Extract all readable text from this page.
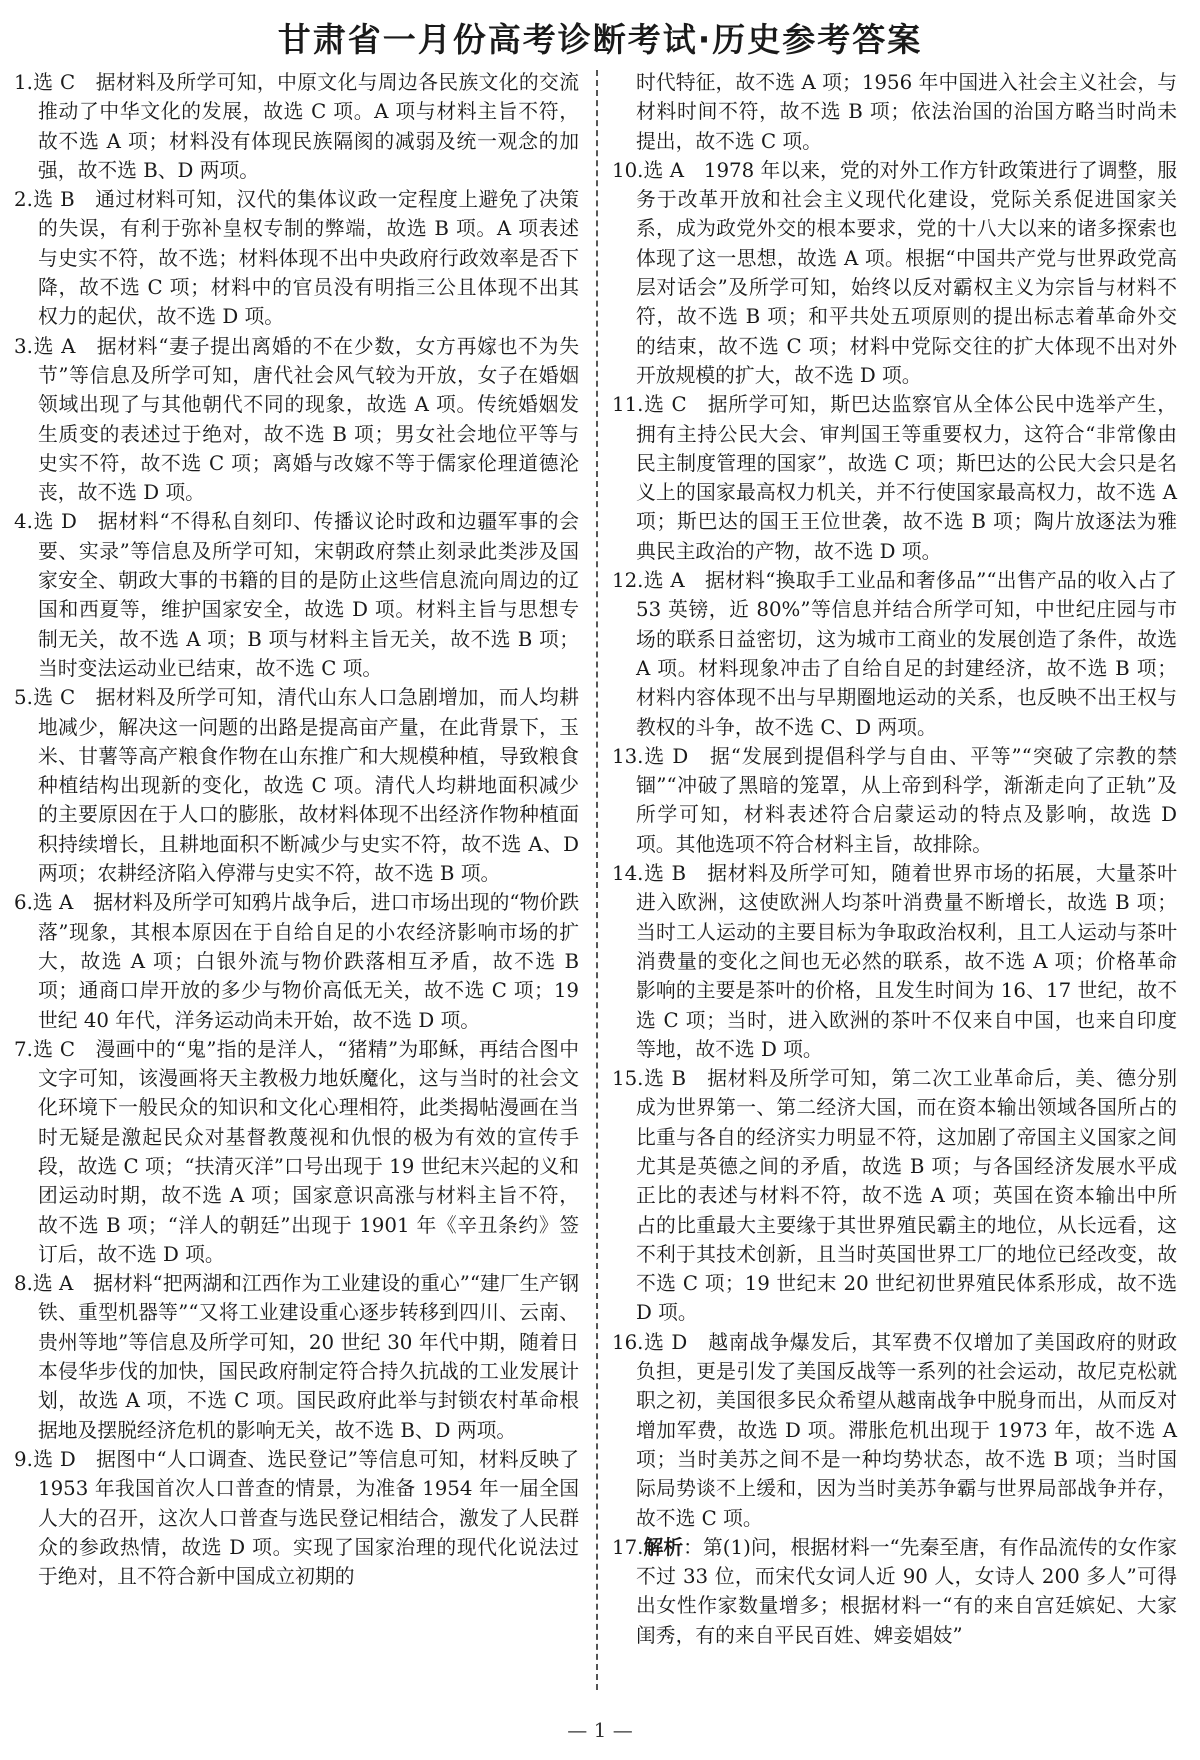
甘肃省一月份高考诊断考试·历史参考答案

1.选 C　据材料及所学可知，中原文化与周边各民族文化的交流推动了中华文化的发展，故选 C 项。A 项与材料主旨不符，故不选 A 项；材料没有体现民族隔阂的减弱及统一观念的加强，故不选 B、D 两项。

2.选 B　通过材料可知，汉代的集体议政一定程度上避免了决策的失误，有利于弥补皇权专制的弊端，故选 B 项。A 项表述与史实不符，故不选；材料体现不出中央政府行政效率是否下降，故不选 C 项；材料中的官员没有明指三公且体现不出其权力的起伏，故不选 D 项。

3.选 A　据材料“妻子提出离婚的不在少数，女方再嫁也不为失节”等信息及所学可知，唐代社会风气较为开放，女子在婚姻领域出现了与其他朝代不同的现象，故选 A 项。传统婚姻发生质变的表述过于绝对，故不选 B 项；男女社会地位平等与史实不符，故不选 C 项；离婚与改嫁不等于儒家伦理道德沦丧，故不选 D 项。

4.选 D　据材料“不得私自刻印、传播议论时政和边疆军事的会要、实录”等信息及所学可知，宋朝政府禁止刻录此类涉及国家安全、朝政大事的书籍的目的是防止这些信息流向周边的辽国和西夏等，维护国家安全，故选 D 项。材料主旨与思想专制无关，故不选 A 项；B 项与材料主旨无关，故不选 B 项；当时变法运动业已结束，故不选 C 项。

5.选 C　据材料及所学可知，清代山东人口急剧增加，而人均耕地减少，解决这一问题的出路是提高亩产量，在此背景下，玉米、甘薯等高产粮食作物在山东推广和大规模种植，导致粮食种植结构出现新的变化，故选 C 项。清代人均耕地面积减少的主要原因在于人口的膨胀，故材料体现不出经济作物种植面积持续增长，且耕地面积不断减少与史实不符，故不选 A、D 两项；农耕经济陷入停滞与史实不符，故不选 B 项。

6.选 A　据材料及所学可知鸦片战争后，进口市场出现的“物价跌落”现象，其根本原因在于自给自足的小农经济影响市场的扩大，故选 A 项；白银外流与物价跌落相互矛盾，故不选 B 项；通商口岸开放的多少与物价高低无关，故不选 C 项；19 世纪 40 年代，洋务运动尚未开始，故不选 D 项。

7.选 C　漫画中的“鬼”指的是洋人，“猪精”为耶稣，再结合图中文字可知，该漫画将天主教极力地妖魔化，这与当时的社会文化环境下一般民众的知识和文化心理相符，此类揭帖漫画在当时无疑是激起民众对基督教蔑视和仇恨的极为有效的宣传手段，故选 C 项；“扶清灭洋”口号出现于 19 世纪末兴起的义和团运动时期，故不选 A 项；国家意识高涨与材料主旨不符，故不选 B 项；“洋人的朝廷”出现于 1901 年《辛丑条约》签订后，故不选 D 项。

8.选 A　据材料“把两湖和江西作为工业建设的重心”“建厂生产钢铁、重型机器等”“又将工业建设重心逐步转移到四川、云南、贵州等地”等信息及所学可知，20 世纪 30 年代中期，随着日本侵华步伐的加快，国民政府制定符合持久抗战的工业发展计划，故选 A 项，不选 C 项。国民政府此举与封锁农村革命根据地及摆脱经济危机的影响无关，故不选 B、D 两项。

9.选 D　据图中“人口调查、选民登记”等信息可知，材料反映了 1953 年我国首次人口普查的情景，为准备 1954 年一届全国人大的召开，这次人口普查与选民登记相结合，激发了人民群众的参政热情，故选 D 项。实现了国家治理的现代化说法过于绝对，且不符合新中国成立初期的

时代特征，故不选 A 项；1956 年中国进入社会主义社会，与材料时间不符，故不选 B 项；依法治国的治国方略当时尚未提出，故不选 C 项。

10.选 A　1978 年以来，党的对外工作方针政策进行了调整，服务于改革开放和社会主义现代化建设，党际关系促进国家关系，成为政党外交的根本要求，党的十八大以来的诸多探索也体现了这一思想，故选 A 项。根据“中国共产党与世界政党高层对话会”及所学可知，始终以反对霸权主义为宗旨与材料不符，故不选 B 项；和平共处五项原则的提出标志着革命外交的结束，故不选 C 项；材料中党际交往的扩大体现不出对外开放规模的扩大，故不选 D 项。

11.选 C　据所学可知，斯巴达监察官从全体公民中选举产生，拥有主持公民大会、审判国王等重要权力，这符合“非常像由民主制度管理的国家”，故选 C 项；斯巴达的公民大会只是名义上的国家最高权力机关，并不行使国家最高权力，故不选 A 项；斯巴达的国王王位世袭，故不选 B 项；陶片放逐法为雅典民主政治的产物，故不选 D 项。

12.选 A　据材料“換取手工业品和奢侈品”“出售产品的收入占了 53 英镑，近 80%”等信息并结合所学可知，中世纪庄园与市场的联系日益密切，这为城市工商业的发展创造了条件，故选 A 项。材料现象冲击了自给自足的封建经济，故不选 B 项；材料内容体现不出与早期圈地运动的关系，也反映不出王权与教权的斗争，故不选 C、D 两项。

13.选 D　据“发展到提倡科学与自由、平等”“突破了宗教的禁锢”“冲破了黑暗的笼罩，从上帝到科学，渐渐走向了正轨”及所学可知，材料表述符合启蒙运动的特点及影响，故选 D 项。其他选项不符合材料主旨，故排除。

14.选 B　据材料及所学可知，随着世界市场的拓展，大量茶叶进入欧洲，这使欧洲人均茶叶消费量不断增长，故选 B 项；当时工人运动的主要目标为争取政治权利，且工人运动与茶叶消费量的变化之间也无必然的联系，故不选 A 项；价格革命影响的主要是茶叶的价格，且发生时间为 16、17 世纪，故不选 C 项；当时，进入欧洲的茶叶不仅来自中国，也来自印度等地，故不选 D 项。

15.选 B　据材料及所学可知，第二次工业革命后，美、德分别成为世界第一、第二经济大国，而在资本输出领域各国所占的比重与各自的经济实力明显不符，这加剧了帝国主义国家之间尤其是英德之间的矛盾，故选 B 项；与各国经济发展水平成正比的表述与材料不符，故不选 A 项；英国在资本输出中所占的比重最大主要缘于其世界殖民霸主的地位，从长远看，这不利于其技术创新，且当时英国世界工厂的地位已经改变，故不选 C 项；19 世纪末 20 世纪初世界殖民体系形成，故不选 D 项。

16.选 D　越南战争爆发后，其军费不仅增加了美国政府的财政负担，更是引发了美国反战等一系列的社会运动，故尼克松就职之初，美国很多民众希望从越南战争中脱身而出，从而反对增加军费，故选 D 项。滞胀危机出现于 1973 年，故不选 A 项；当时美苏之间不是一种均势状态，故不选 B 项；当时国际局势谈不上缓和，因为当时美苏争霸与世界局部战争并存，故不选 C 项。

17.解析：第(1)问，根据材料一“先秦至唐，有作品流传的女作家不过 33 位，而宋代女词人近 90 人，女诗人 200 多人”可得出女性作家数量增多；根据材料一“有的来自宫廷嫔妃、大家闺秀，有的来自平民百姓、婢妾娼妓”

— 1 —
